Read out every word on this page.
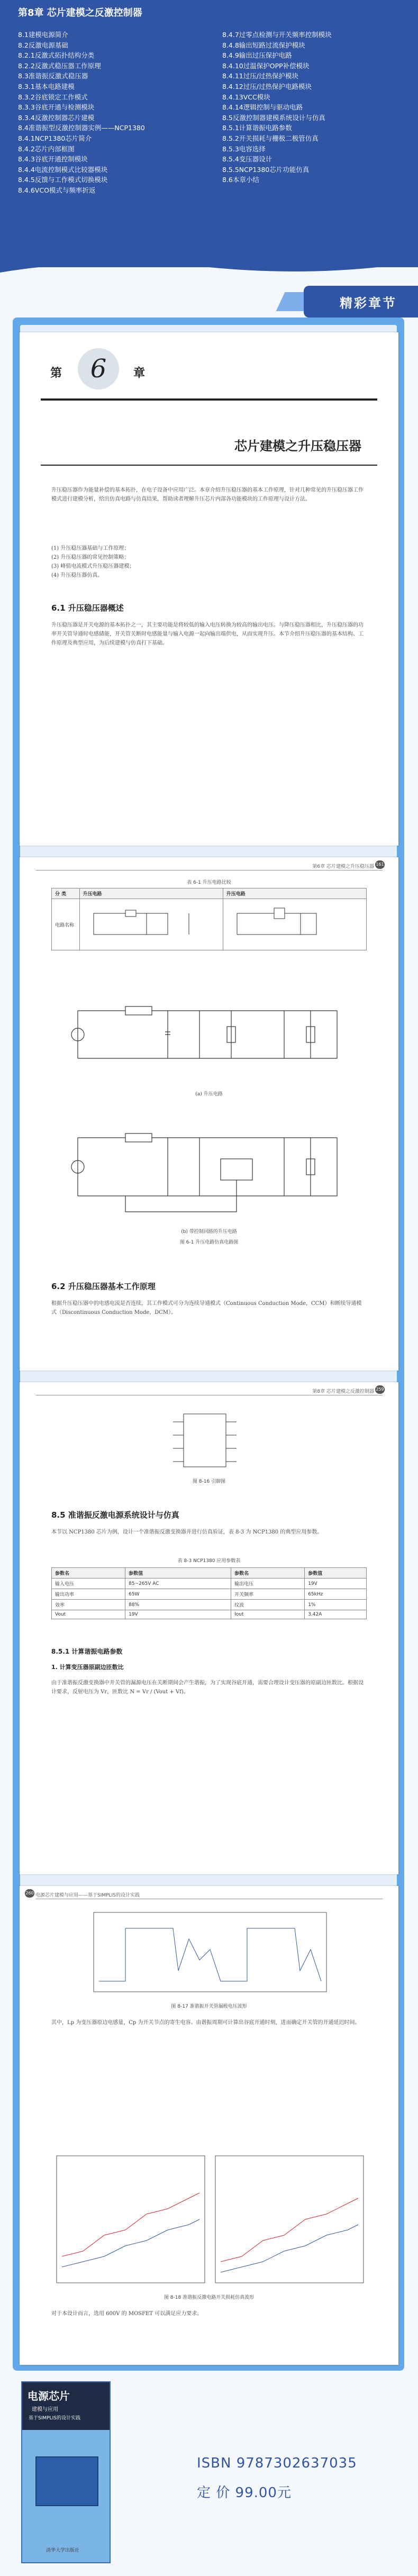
第8章 芯片建模之反激控制器
8.1建模电源简介
8.2反激电源基础
8.2.1反激式拓扑结构分类
8.2.2反激式稳压器工作原理
8.3准谐振反激式稳压器
8.3.1基本电路建模
8.3.2谷底锁定工作模式
8.3.3谷底开通与检测模块
8.3.4反激控制器芯片建模
8.4准谐振型反激控制器实例——NCP1380
8.4.1NCP1380芯片简介
8.4.2芯片内部框图
8.4.3谷底开通控制模块
8.4.4电流控制模式比较器模块
8.4.5反馈与工作模式切换模块
8.4.6VCO模式与频率折返
8.4.7过零点检测与开关频率控制模块
8.4.8输出短路过流保护模块
8.4.9输出过压保护电路
8.4.10过温保护OPP补偿模块
8.4.11过压/过热保护模块
8.4.12过压/过热保护电路模块
8.4.13VCC模块
8.4.14逻辑控制与驱动电路
8.5反激控制器建模系统设计与仿真
8.5.1计算谐振电路参数
8.5.2开关损耗与栅极二极管仿真
8.5.3电容选择
8.5.4变压器设计
8.5.5NCP1380芯片功能仿真
8.6本章小结
精彩章节
6
第	章
芯片建模之升压稳压器
升压稳压器作为能量补偿的基本拓扑，在电子设备中应用广泛。本章介绍升压稳压器的基本工作原理，针对几种常见的升压稳压器工作模式进行建模分析，给出仿真电路与仿真结果，帮助读者理解升压芯片内部各功能模块的工作原理与设计方法。
(1) 升压稳压器基础与工作原理；
(2) 升压稳压器的常见控制策略；
(3) 峰值电流模式升压稳压器建模；
(4) 升压稳压器仿真。
6.1 升压稳压器概述
升压稳压器是开关电源的基本拓扑之一，其主要功能是将较低的输入电压转换为较高的输出电压。与降压稳压器相比，升压稳压器的功率开关管导通时电感储能，开关管关断时电感能量与输入电源一起向输出端供电，从而实现升压。本节介绍升压稳压器的基本结构、工作原理及典型应用，为后续建模与仿真打下基础。
第6章 芯片建模之升压稳压器 161
表 6-1 升压电路比较
分 类	升压电路	升压电路
电路名称		
(a) 升压电路
(b) 带控制回路的升压电路
图 6-1 升压电路仿真电路图
6.2 升压稳压器基本工作原理
根据升压稳压器中的电感电流是否连续，其工作模式可分为连续导通模式（Continuous Conduction Mode，CCM）和断续导通模式（Discontinuous Conduction Mode，DCM）。
第8章 芯片建模之反激控制器 259
图 8-16 引脚图
8.5 准谐振反激电源系统设计与仿真
本节以 NCP1380 芯片为例，设计一个准谐振反激变换器并进行仿真验证，表 8-3 为 NCP1380 的典型应用参数。
表 8-3 NCP1380 应用参数表
参数名	参数值	参数名	参数值
输入电压	85~265V AC	输出电压	19V
输出功率	65W	开关频率	65kHz
效率	88%	纹波	1%
Vout	19V	Iout	3.42A
8.5.1 计算谐振电路参数
1. 计算变压器原副边匝数比
由于准谐振反激变换器中开关管的漏源电压在关断期间会产生谐振，为了实现谷底开通，需要合理设计变压器的原副边匝数比。根据设计要求，反射电压为 Vr，匝数比 N = Vr / (Vout + Vf)。
电源芯片建模与应用——基于SIMPLIS的设计实践
260
图 8-17 准谐振开关管漏极电压波形
其中，Lp 为变压器原边电感量，Cp 为开关节点的寄生电容。由谐振周期可计算出谷底开通时刻，进而确定开关管的开通延迟时间。
图 8-18 准谐振反激电路开关损耗仿真波形
对于本设计而言，选用 600V 的 MOSFET 可以满足应力要求。
电源芯片
建模与应用
基于SIMPLIS的设计实践
清华大学出版社
ISBN 9787302637035
定 价 99.00元
